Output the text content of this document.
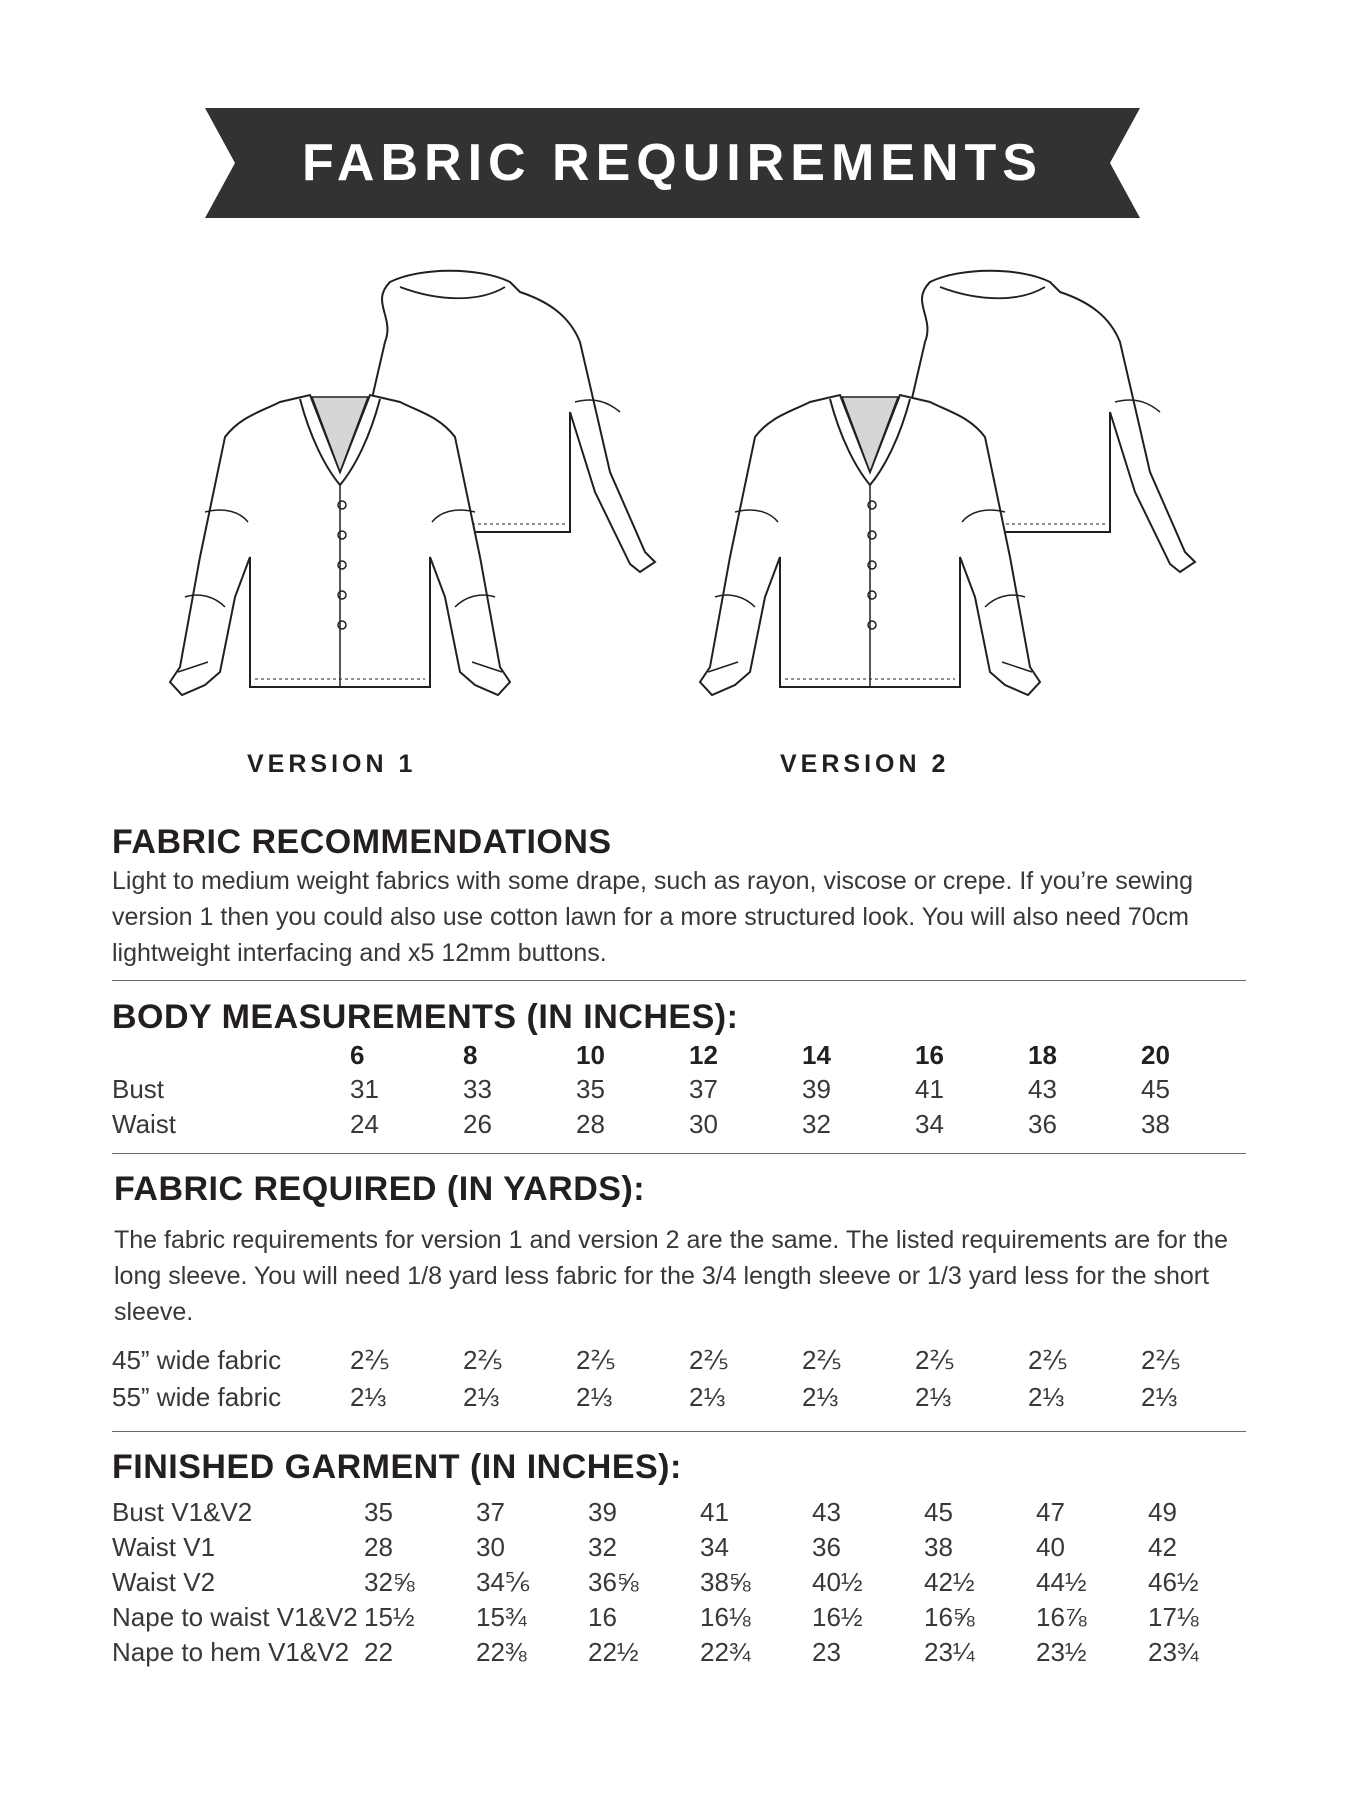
FABRIC REQUIREMENTS
VERSION 1	VERSION 2
FABRIC RECOMMENDATIONS
Light to medium weight fabrics with some drape, such as rayon, viscose or crepe. If you’re sewing
version 1 then you could also use cotton lawn for a more structured look. You will also need 70cm
lightweight interfacing and x5 12mm buttons.
BODY MEASUREMENTS (IN INCHES):
6	8	10	12	14	16	18	20
Bust	31	33	35	37	39	41	43	45
Waist	24	26	28	30	32	34	36	38
FABRIC REQUIRED (IN YARDS):
The fabric requirements for version 1 and version 2 are the same. The listed requirements are for the
long sleeve. You will need 1/8 yard less fabric for the 3/4 length sleeve or 1/3 yard less for the short
sleeve.
45” wide fabric	2⅖	2⅖	2⅖	2⅖	2⅖	2⅖	2⅖	2⅖
55” wide fabric	2⅓	2⅓	2⅓	2⅓	2⅓	2⅓	2⅓	2⅓
FINISHED GARMENT (IN INCHES):
Bust V1&V2	35	37	39	41	43	45	47	49
Waist V1	28	30	32	34	36	38	40	42
Waist V2	32⅝ 34⅚ 36⅝ 38⅝ 40½ 42½ 44½ 46½
Nape to waist V1&V2 15½ 15¾ 16	16⅛ 16½ 16⅝ 16⅞ 17⅛
Nape to hem V1&V2 22	22⅜ 22½ 22¾ 23	23¼ 23½ 23¾
